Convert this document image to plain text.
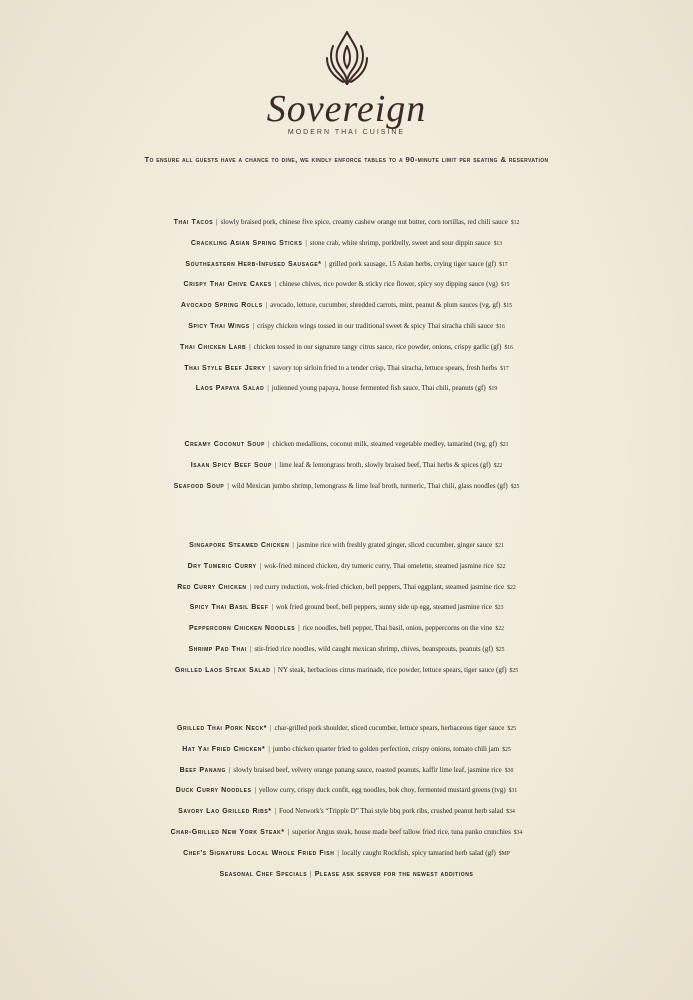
Sovereign
MODERN THAI CUISINE
To ensure all guests have a chance to dine, we kindly enforce tables to a 90-minute limit per seating & reservation
Thai Tacos | slowly braised pork, chinese five spice, creamy cashew orange nut butter, corn tortillas, red chili sauce $12
Crackling Asian Spring Sticks | stone crab, white shrimp, porkbelly, sweet and sour dippin sauce $13
Southeastern Herb-Infused Sausage* | grilled pork sausage, 15 Asian herbs, crying tiger sauce (gf) $17
Crispy Thai Chive Cakes | chinese chives, rice powder & sticky rice flower, spicy soy dipping sauce (vg) $15
Avocado Spring Rolls | avocado, lettuce, cucumber, shredded carrots, mint, peanut & plum sauces (vg, gf) $15
Spicy Thai Wings | crispy chicken wings tossed in our traditional sweet & spicy Thai siracha chili sauce $16
Thai Chicken Larb | chicken tossed in our signature tangy citrus sauce, rice powder, onions, crispy garlic (gf) $16
Thai Style Beef Jerky | savory top sirloin fried to a tender crisp, Thai siracha, lettuce spears, fresh herbs $17
Laos Papaya Salad | julienned young papaya, house fermented fish sauce, Thai chili, peanuts (gf) $19
Creamy Coconut Soup | chicken medallions, coconut milk, steamed vegetable medley, tamarind (tvg, gf) $21
Isaan Spicy Beef Soup | lime leaf & lemongrass broth, slowly braised beef, Thai herbs & spices (gf) $22
Seafood Soup | wild Mexican jumbo shrimp, lemongrass & lime leaf broth, turmeric, Thai chili, glass noodles (gf) $25
Singapore Steamed Chicken | jasmine rice with freshly grated ginger, sliced cucumber, ginger sauce $21
Dry Tumeric Curry | wok-fried minced chicken, dry tumeric curry, Thai omelette, steamed jasmine rice $22
Red Curry Chicken | red curry reduction, wok-fried chicken, bell peppers, Thai eggplant, steamed jasmine rice $22
Spicy Thai Basil Beef | wok fried ground beef, bell peppers, sunny side up egg, steamed jasmine rice $23
Peppercorn Chicken Noodles | rice noodles, bell pepper, Thai basil, onion, peppercorns on the vine $22
Shrimp Pad Thai | stir-fried rice noodles, wild caught mexican shrimp, chives, beansprouts, peanuts (gf) $25
Grilled Laos Steak Salad | NY steak, herbacious citrus marinade, rice powder, lettuce spears, tiger sauce (gf) $25
Grilled Thai Pork Neck* | char-grilled pork shoulder, sliced cucumber, lettuce spears, herbaceous tiger sauce $25
Hat Yai Fried Chicken* | jumbo chicken quarter fried to golden perfection, crispy onions, tomato chili jam $25
Beef Panang | slowly braised beef, velvety orange panang sauce, roasted peanuts, kaffir lime leaf, jasmine rice $30
Duck Curry Noodles | yellow curry, crispy duck confit, egg noodles, bok choy, fermented mustard greens (tvg) $31
Savory Lao Grilled Ribs* | Food Network's “Tripple D” Thai style bbq pork ribs, crushed peanut herb salad $34
Char-Grilled New York Steak* | superior Angus steak, house made beef tallow fried rice, tuna panko crunchies $34
Chef's Signature Local Whole Fried Fish | locally caught Rockfish, spicy tamarind herb salad (gf) $MP
Seasonal Chef Specials | Please ask server for the newest additions
